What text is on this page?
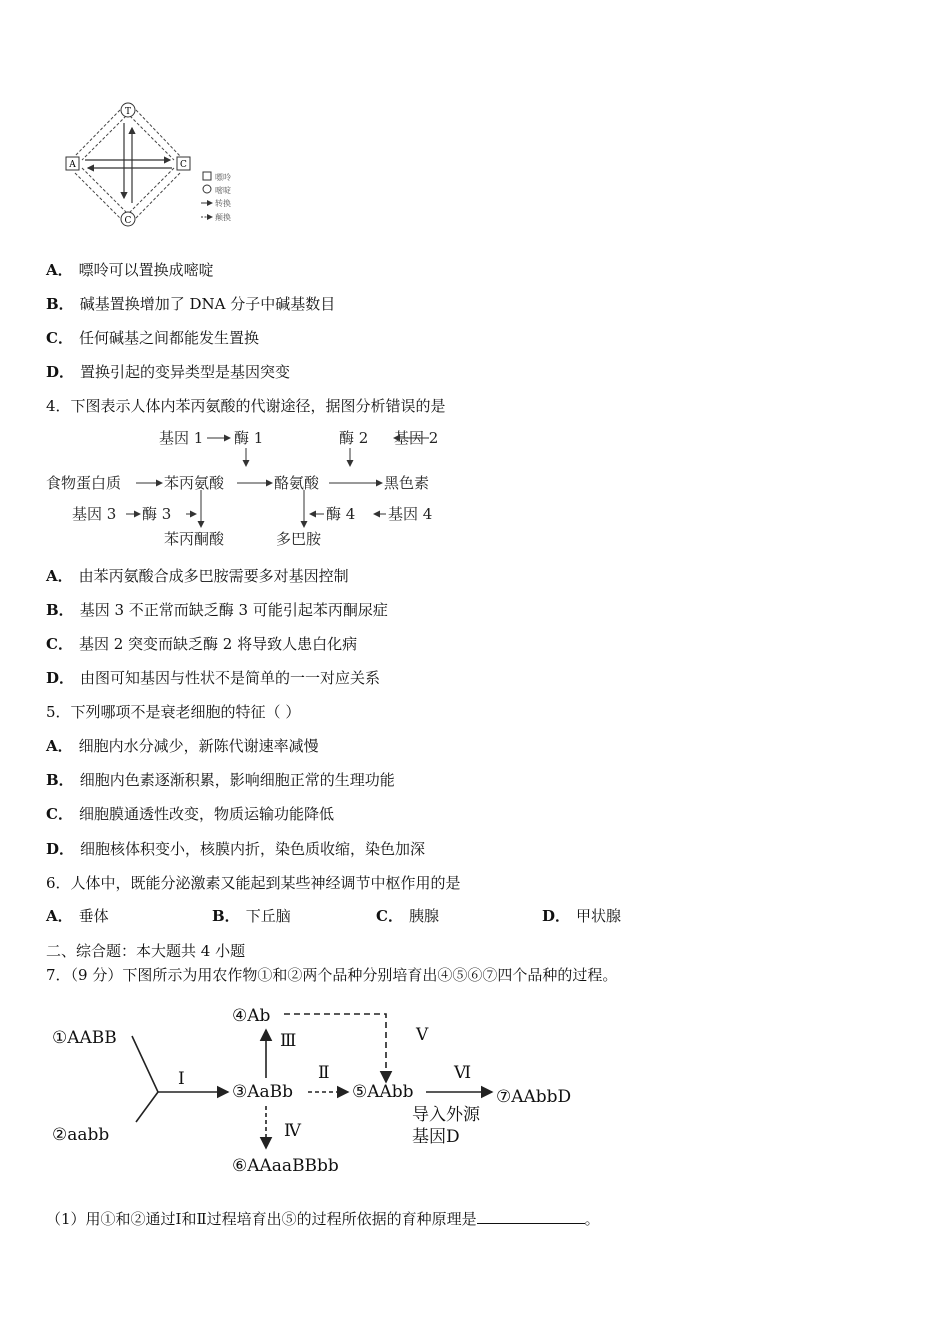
T
A	C
C
嘌呤
嘧啶
转换
颠换
A． 嘌呤可以置换成嘧啶
B． 碱基置换增加了 DNA 分子中碱基数目
C． 任何碱基之间都能发生置换
D． 置换引起的变异类型是基因突变
4．下图表示人体内苯丙氨酸的代谢途径，据图分析错误的是
基因 1 酶 1	酶 2 基因 2
食物蛋白质	苯丙氨酸	酪氨酸	黑色素
基因 3 酶 3	酶 4 基因 4
苯丙酮酸	多巴胺
A． 由苯丙氨酸合成多巴胺需要多对基因控制
B． 基因 3 不正常而缺乏酶 3 可能引起苯丙酮尿症
C． 基因 2 突变而缺乏酶 2 将导致人患白化病
D． 由图可知基因与性状不是简单的一一对应关系
5．下列哪项不是衰老细胞的特征（ ）
A． 细胞内水分减少，新陈代谢速率减慢
B． 细胞内色素逐渐积累，影响细胞正常的生理功能
C． 细胞膜通透性改变，物质运输功能降低
D． 细胞核体积变小，核膜内折，染色质收缩，染色加深
6．人体中，既能分泌激素又能起到某些神经调节中枢作用的是
A． 垂体	B． 下丘脑	C． 胰腺	D． 甲状腺
二、综合题：本大题共 4 小题
7．（9 分）下图所示为用农作物①和②两个品种分别培育出④⑤⑥⑦四个品种的过程。
①AABB
②aabb
③AaBb
④Ab
⑤AAbb
⑥AAaaBBbb
⑦AAbbD
Ⅰ	Ⅱ
Ⅲ
Ⅳ
Ⅴ
Ⅵ
导入外源
基因D
（1）用①和②通过Ⅰ和Ⅱ过程培育出⑤的过程所依据的育种原理是	。
